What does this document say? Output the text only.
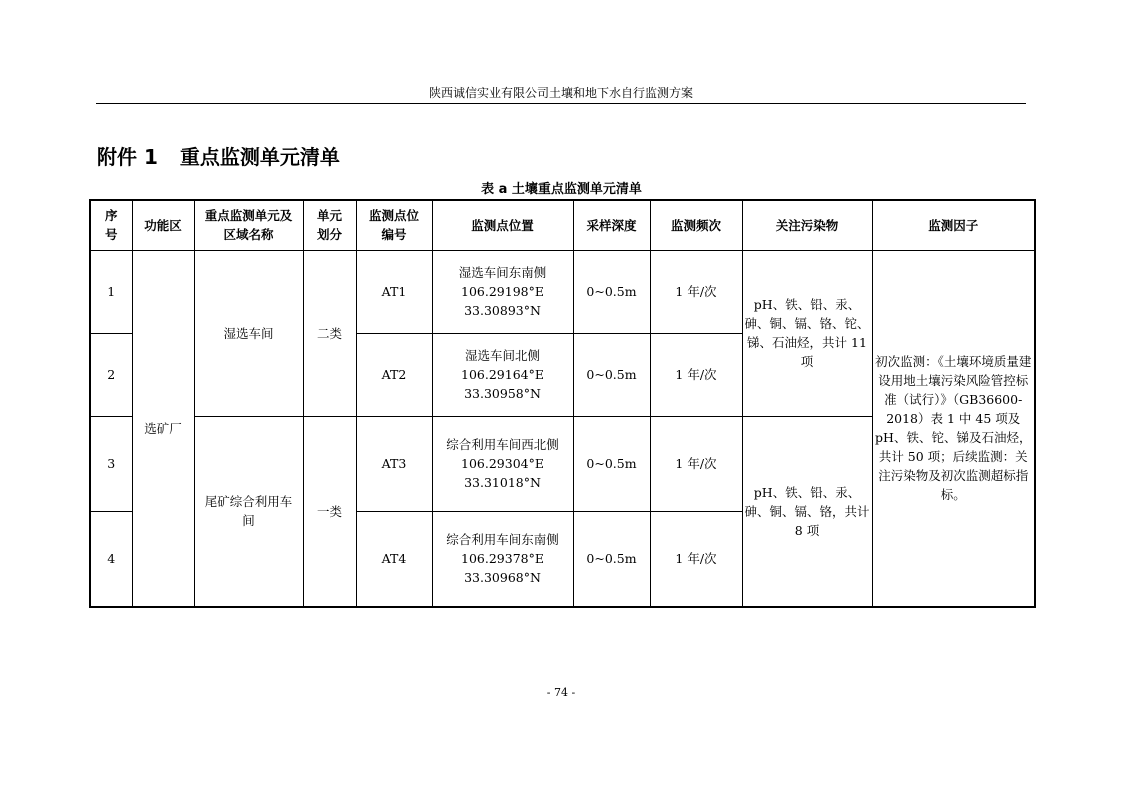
陕西诚信实业有限公司土壤和地下水自行监测方案
附件 1 重点监测单元清单
表 a 土壤重点监测单元清单
序号	功能区	重点监测单元及区域名称	单元划分	监测点位编号	监测点位置	采样深度	监测频次	关注污染物	监测因子
1	选矿厂	湿选车间	二类	AT1	湿选车间东南侧
106.29198°E
33.30893°N	0~0.5m	1 年/次	pH、铁、铅、汞、砷、铜、镉、铬、铊、锑、石油烃，共计 11 项	初次监测：《土壤环境质量建设用地土壤污染风险管控标准（试行）》（GB36600-2018）表 1 中 45 项及 pH、铁、铊、锑及石油烃，共计 50 项；后续监测：关注污染物及初次监测超标指标。
2				AT2	湿选车间北侧
106.29164°E
33.30958°N	0~0.5m	1 年/次		
3		尾矿综合利用车间	一类	AT3	综合利用车间西北侧
106.29304°E
33.31018°N	0~0.5m	1 年/次	pH、铁、铅、汞、砷、铜、镉、铬，共计 8 项	
4				AT4	综合利用车间东南侧
106.29378°E
33.30968°N	0~0.5m	1 年/次		
- 74 -
